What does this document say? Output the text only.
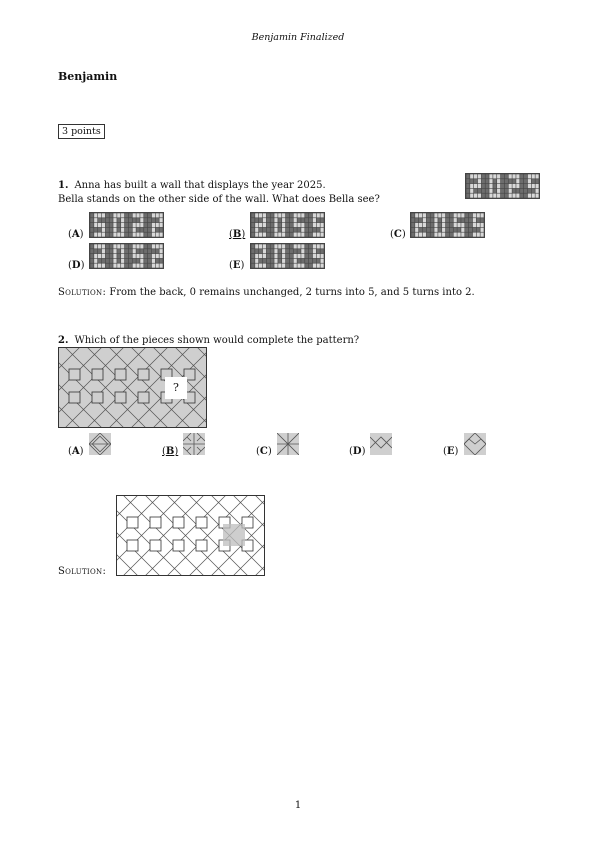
Benjamin Finalized
Benjamin
3 points
1. Anna has built a wall that displays the year 2025.
Bella stands on the other side of the wall. What does Bella see?
(A)	(B)	(C)
(D)	(E)
Solution: From the back, 0 remains unchanged, 2 turns into 5, and 5 turns into 2.
2. Which of the pieces shown would complete the pattern?
?
(A)	(B)	(C)	(D)	(E)
Solution:
1
